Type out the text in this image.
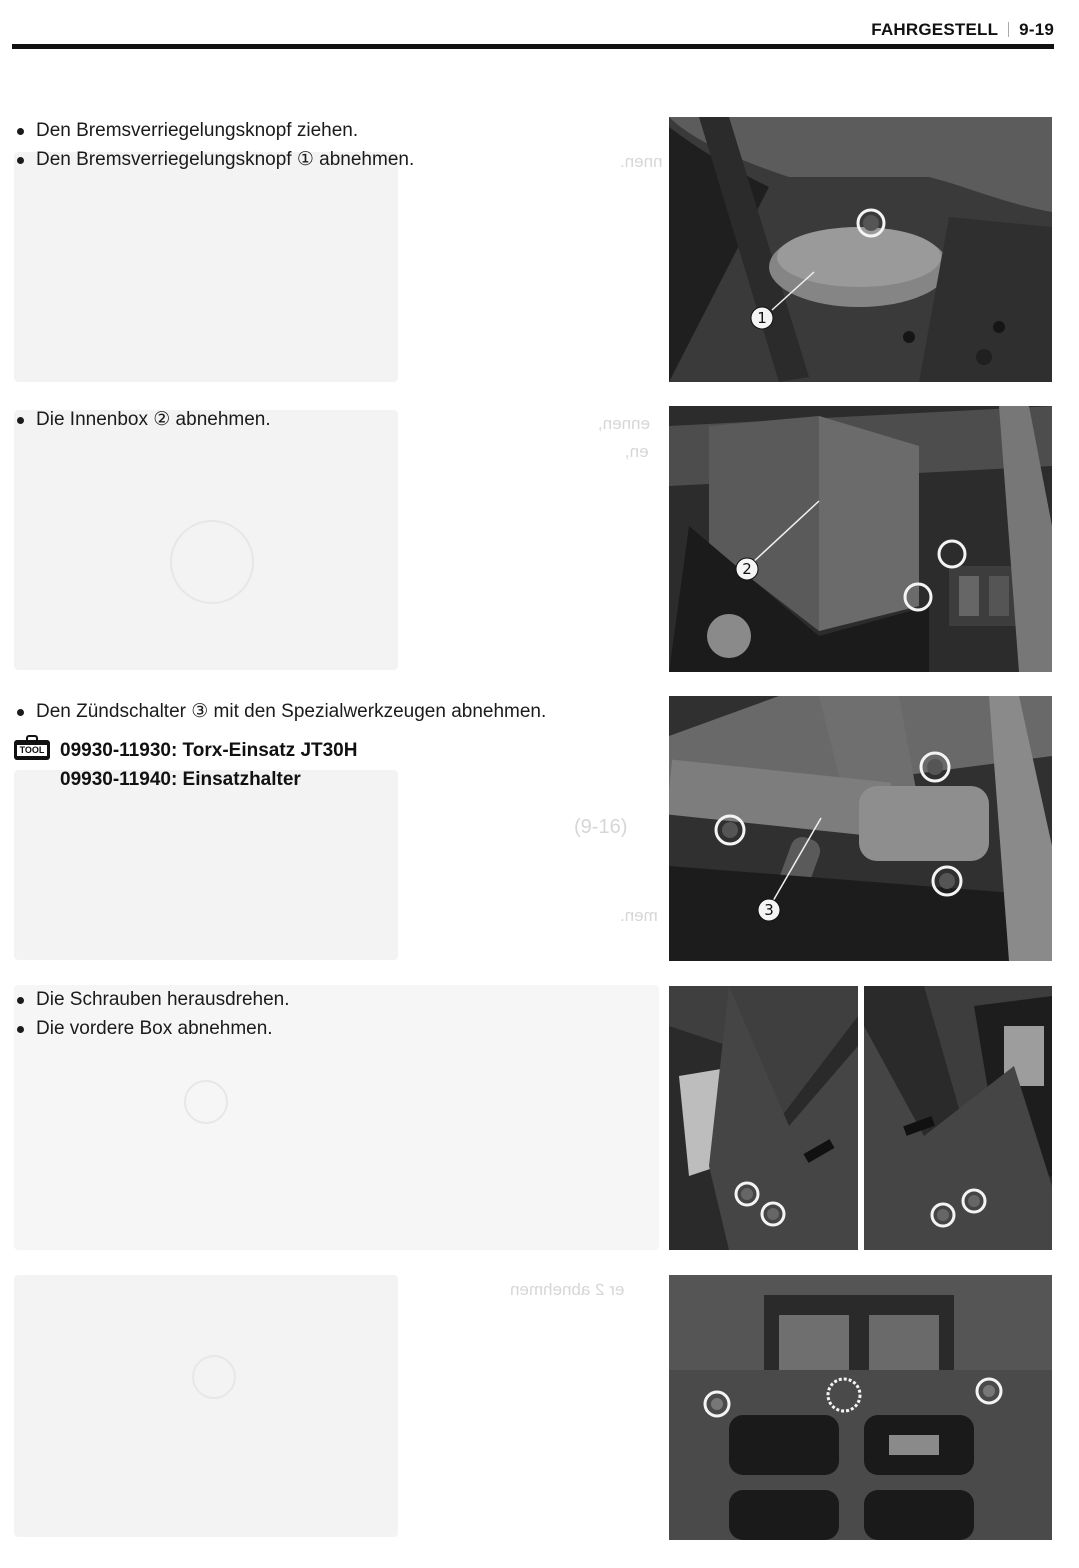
FAHRGESTELL 9-19
nnen.
ennen,
en,
(9-16)
men.
er 2 abnehmen
Den Bremsverriegelungsknopf ziehen.
Den Bremsverriegelungsknopf ① abnehmen.
Die Innenbox ② abnehmen.
Den Zündschalter ③ mit den Spezialwerkzeugen abnehmen.
TOOL 09930-11930: Torx-Einsatz JT30H
09930-11940: Einsatzhalter
Die Schrauben herausdrehen.
Die vordere Box abnehmen.
1
2
3
